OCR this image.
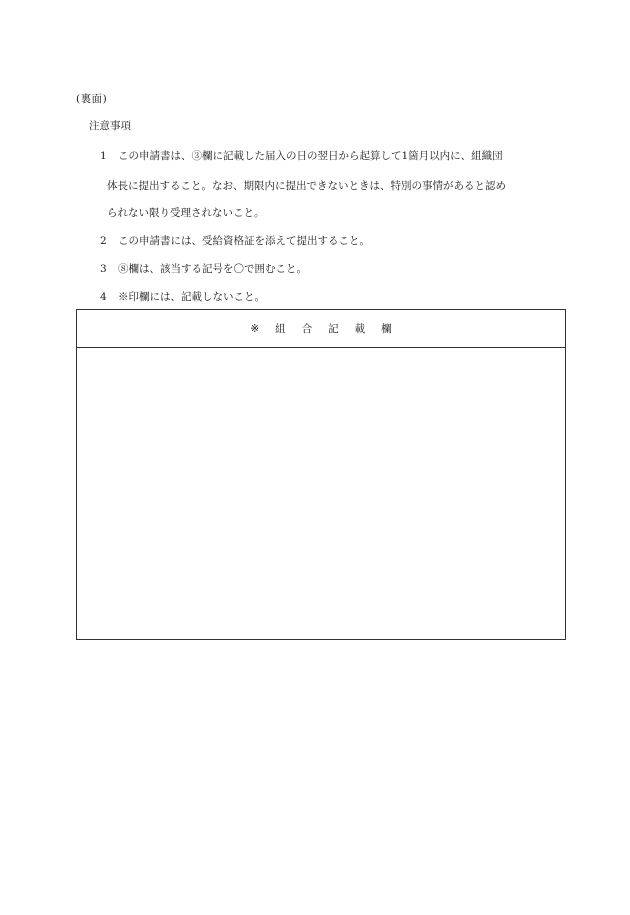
(裏面)
注意事項
1 この申請書は、③欄に記載した届入の日の翌日から起算して1箇月以内に、組織団
体長に提出すること。なお、期限内に提出できないときは、特別の事情があると認め
られない限り受理されないこと。
2 この申請書には、受給資格証を添えて提出すること。
3 ⑧欄は、該当する記号を〇で囲むこと。
4 ※印欄には、記載しないこと。
※ 組 合 記 載 欄
